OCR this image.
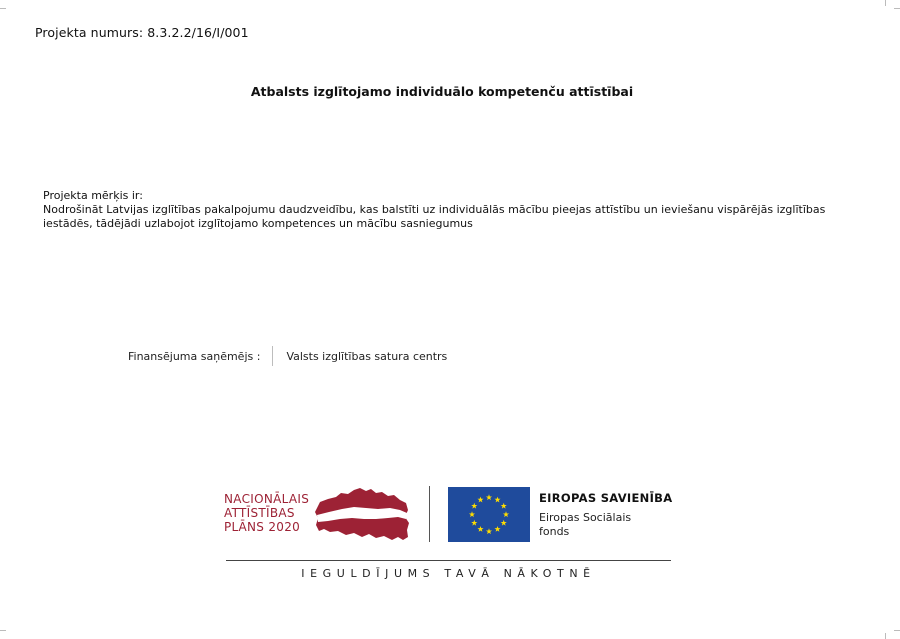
Projekta numurs: 8.3.2.2/16/I/001
Atbalsts izglītojamo individuālo kompetenču attīstībai
Projekta mērķis ir:
Nodrošināt Latvijas izglītības pakalpojumu daudzveidību, kas balstīti uz individuālās mācību pieejas attīstību un ieviešanu vispārējās izglītības iestādēs, tādējādi uzlabojot izglītojamo kompetences un mācību sasniegumus
Finansējuma saņēmējs :	Valsts izglītības satura centrs
NACIONĀLAIS
ATTĪSTĪBAS
PLĀNS 2020
EIROPAS SAVIENĪBA
Eiropas Sociālais
fonds
IEGULDĪJUMS TAVĀ NĀKOTNĒ
